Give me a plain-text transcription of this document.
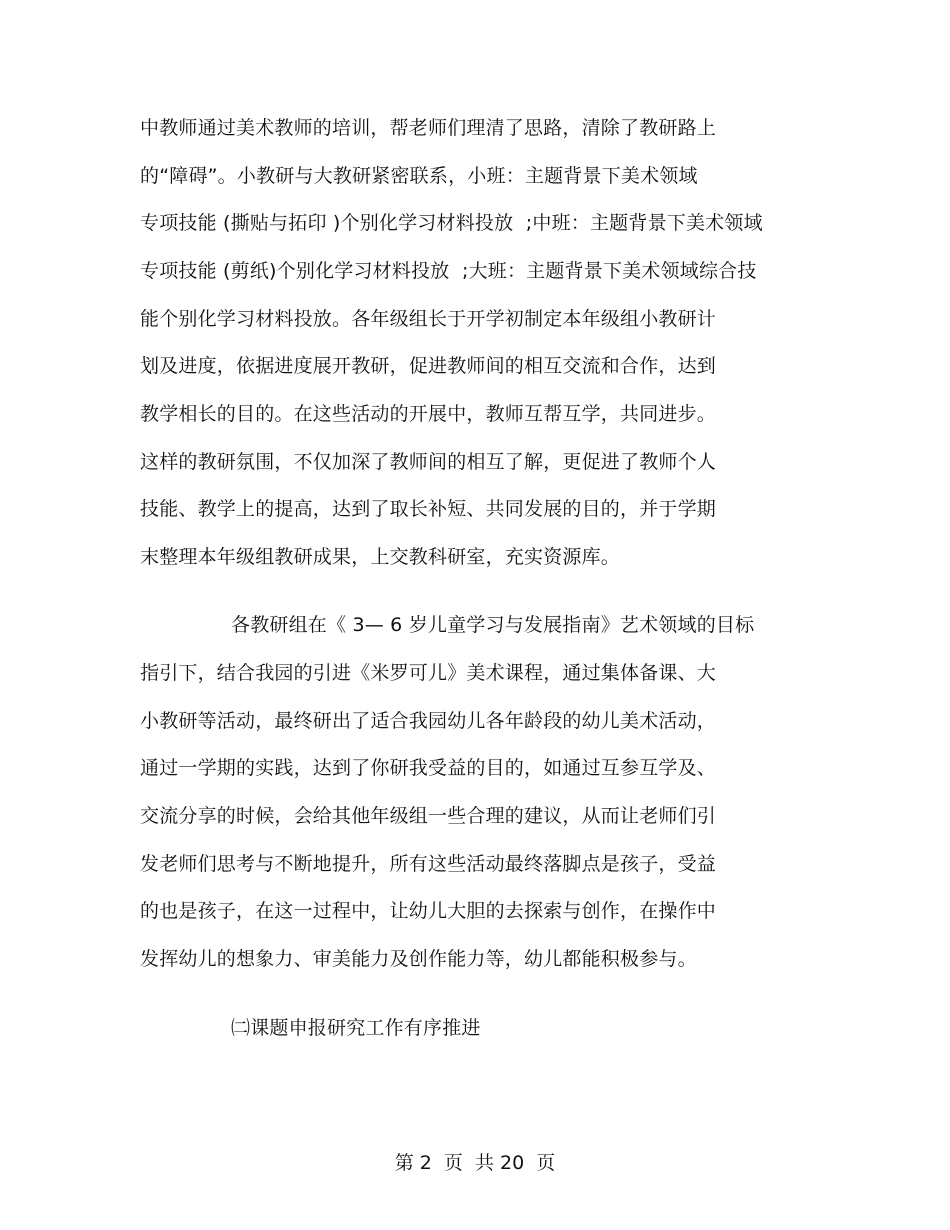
中教师通过美术教师的培训，帮老师们理清了思路，清除了教研路上
的“障碍”。小教研与大教研紧密联系，小班：主题背景下美术领域
专项技能 (撕贴与拓印 )个别化学习材料投放  ;中班：主题背景下美术领域
专项技能 (剪纸)个别化学习材料投放  ;大班：主题背景下美术领域综合技
能个别化学习材料投放。各年级组长于开学初制定本年级组小教研计
划及进度，依据进度展开教研，促进教师间的相互交流和合作，达到
教学相长的目的。在这些活动的开展中，教师互帮互学，共同进步。
这样的教研氛围，不仅加深了教师间的相互了解，更促进了教师个人
技能、教学上的提高，达到了取长补短、共同发展的目的，并于学期
末整理本年级组教研成果，上交教科研室，充实资源库。
各教研组在《 3— 6 岁儿童学习与发展指南》艺术领域的目标
指引下，结合我园的引进《米罗可儿》美术课程，通过集体备课、大
小教研等活动，最终研出了适合我园幼儿各年龄段的幼儿美术活动，
通过一学期的实践，达到了你研我受益的目的，如通过互参互学及、
交流分享的时候，会给其他年级组一些合理的建议，从而让老师们引
发老师们思考与不断地提升，所有这些活动最终落脚点是孩子，受益
的也是孩子，在这一过程中，让幼儿大胆的去探索与创作，在操作中
发挥幼儿的想象力、审美能力及创作能力等，幼儿都能积极参与。
㈡课题申报研究工作有序推进
第 2  页  共 20  页
